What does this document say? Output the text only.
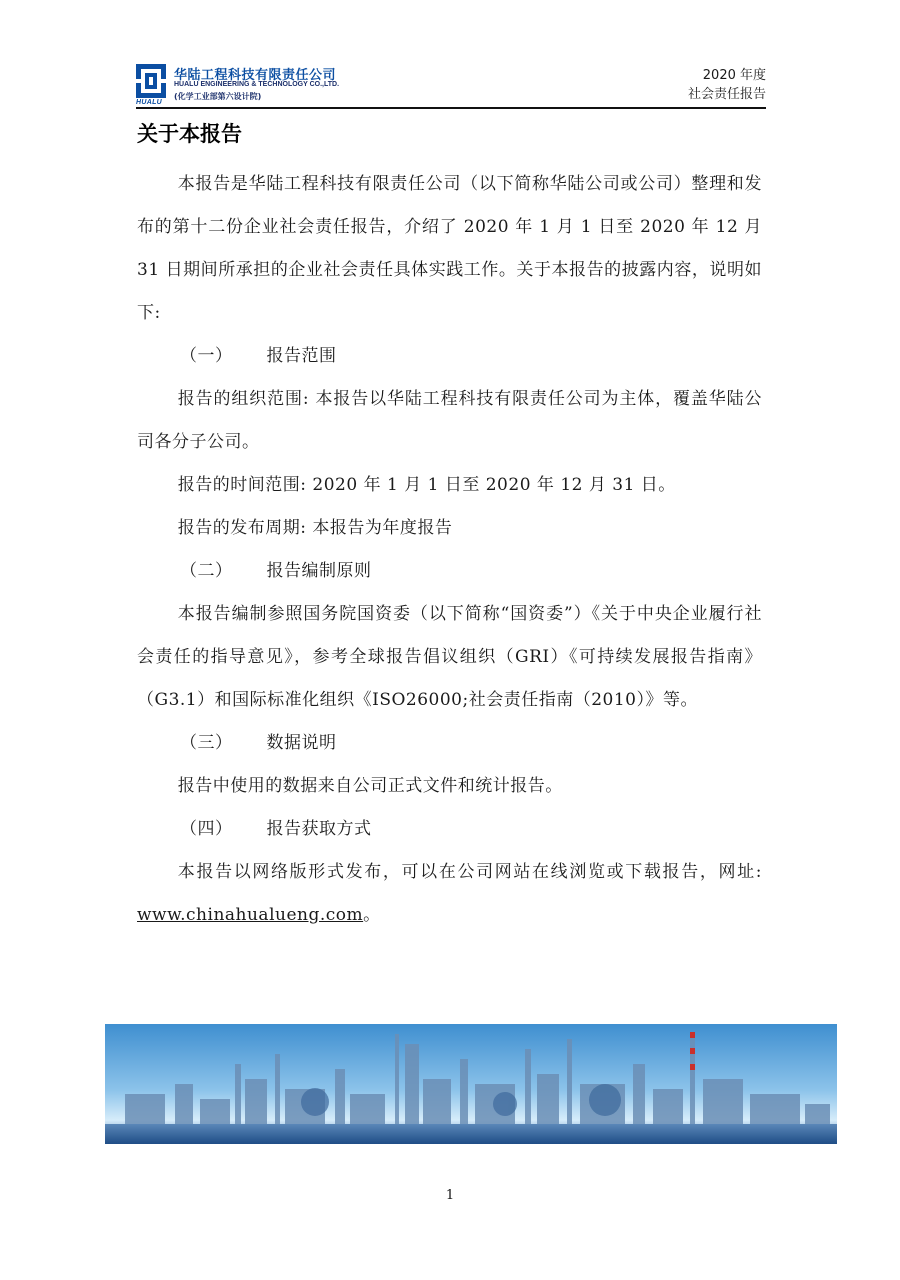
HUALU
华陆工程科技有限责任公司
HUALU ENGINEERING & TECHNOLOGY CO.,LTD.
(化学工业部第六设计院)
2020 年度
社会责任报告
关于本报告

本报告是华陆工程科技有限责任公司（以下简称华陆公司或公司）整理和发布的第十二份企业社会责任报告，介绍了 2020 年 1 月 1 日至 2020 年 12 月 31 日期间所承担的企业社会责任具体实践工作。关于本报告的披露内容，说明如下:

（一） 报告范围

报告的组织范围: 本报告以华陆工程科技有限责任公司为主体，覆盖华陆公司各分子公司。

报告的时间范围: 2020 年 1 月 1 日至 2020 年 12 月 31 日。

报告的发布周期: 本报告为年度报告

（二） 报告编制原则

本报告编制参照国务院国资委（以下简称“国资委”）《关于中央企业履行社会责任的指导意见》，参考全球报告倡议组织（GRI）《可持续发展报告指南》（G3.1）和国际标准化组织《ISO26000;社会责任指南（2010）》等。

（三） 数据说明

报告中使用的数据来自公司正式文件和统计报告。

（四） 报告获取方式

本报告以网络版形式发布，可以在公司网站在线浏览或下载报告，网址: www.chinahualueng.com。

1
